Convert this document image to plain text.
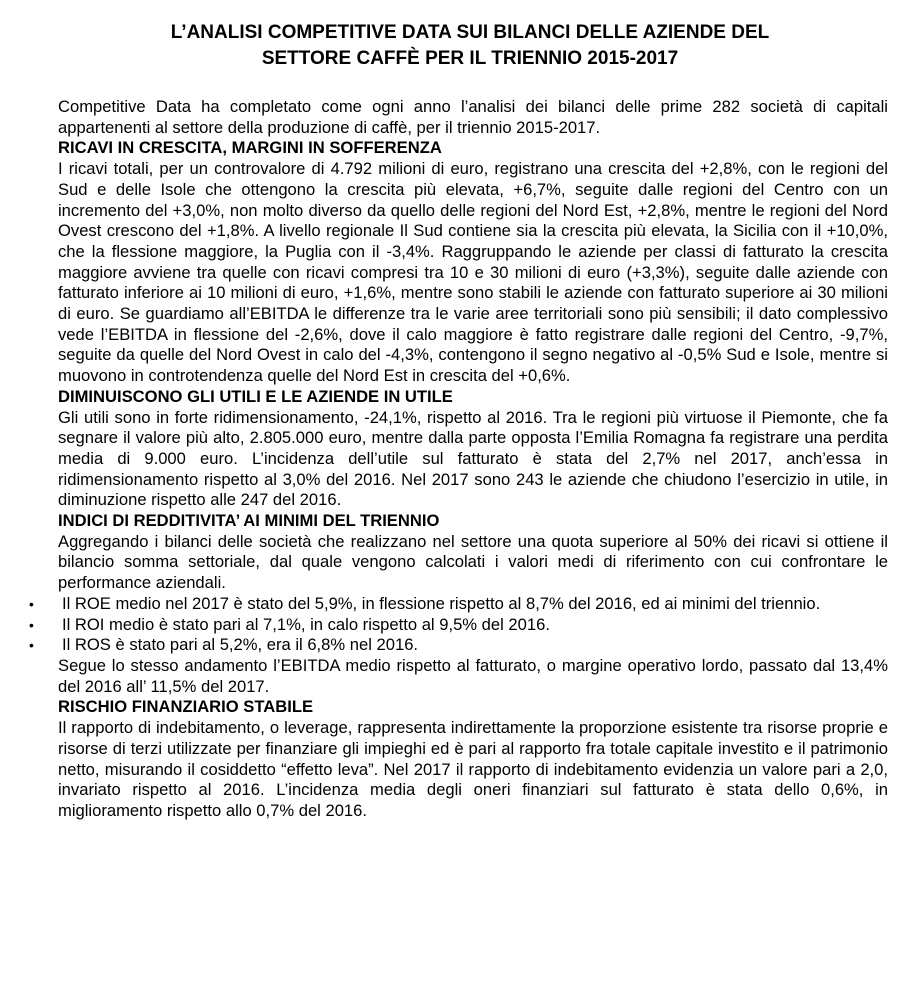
L’ANALISI COMPETITIVE DATA SUI BILANCI DELLE AZIENDE DEL
SETTORE CAFFÈ PER IL TRIENNIO 2015-2017

Competitive Data ha completato come ogni anno l’analisi dei bilanci delle prime 282 società di capitali appartenenti al settore della produzione di caffè, per il triennio 2015-2017.

RICAVI IN CRESCITA, MARGINI IN SOFFERENZA

I ricavi totali, per un controvalore di 4.792 milioni di euro, registrano una crescita del +2,8%, con le regioni del Sud e delle Isole che ottengono la crescita più elevata, +6,7%, seguite dalle regioni del Centro con un incremento del +3,0%, non molto diverso da quello delle regioni del Nord Est, +2,8%, mentre le regioni del Nord Ovest crescono del +1,8%. A livello regionale Il Sud contiene sia la crescita più elevata, la Sicilia con il +10,0%, che la flessione maggiore, la Puglia con il -3,4%. Raggruppando le aziende per classi di fatturato la crescita maggiore avviene tra quelle con ricavi compresi tra 10 e 30 milioni di euro (+3,3%), seguite dalle aziende con fatturato inferiore ai 10 milioni di euro, +1,6%, mentre sono stabili le aziende con fatturato superiore ai 30 milioni di euro. Se guardiamo all’EBITDA le differenze tra le varie aree territoriali sono più sensibili; il dato complessivo vede l’EBITDA in flessione del -2,6%, dove il calo maggiore è fatto registrare dalle regioni del Centro, -9,7%, seguite da quelle del Nord Ovest in calo del -4,3%, contengono il segno negativo al -0,5% Sud e Isole, mentre si muovono in controtendenza quelle del Nord Est in crescita del +0,6%.

DIMINUISCONO GLI UTILI E LE AZIENDE IN UTILE

Gli utili sono in forte ridimensionamento, -24,1%, rispetto al 2016. Tra le regioni più virtuose il Piemonte, che fa segnare il valore più alto, 2.805.000 euro, mentre dalla parte opposta l’Emilia Romagna fa registrare una perdita media di 9.000 euro. L’incidenza dell’utile sul fatturato è stata del 2,7% nel 2017, anch’essa in ridimensionamento rispetto al 3,0% del 2016. Nel 2017 sono 243 le aziende che chiudono l’esercizio in utile, in diminuzione rispetto alle 247 del 2016.

INDICI DI REDDITIVITA’ AI MINIMI DEL TRIENNIO

Aggregando i bilanci delle società che realizzano nel settore una quota superiore al 50% dei ricavi si ottiene il bilancio somma settoriale, dal quale vengono calcolati i valori medi di riferimento con cui confrontare le performance aziendali.

• Il ROE medio nel 2017 è stato del 5,9%, in flessione rispetto al 8,7% del 2016, ed ai minimi del triennio.
• Il ROI medio è stato pari al 7,1%, in calo rispetto al 9,5% del 2016.
• Il ROS è stato pari al 5,2%, era il 6,8% nel 2016.

Segue lo stesso andamento l’EBITDA medio rispetto al fatturato, o margine operativo lordo, passato dal 13,4% del 2016 all’ 11,5% del 2017.

RISCHIO FINANZIARIO STABILE

Il rapporto di indebitamento, o leverage, rappresenta indirettamente la proporzione esistente tra risorse proprie e risorse di terzi utilizzate per finanziare gli impieghi ed è pari al rapporto fra totale capitale investito e il patrimonio netto, misurando il cosiddetto “effetto leva”. Nel 2017 il rapporto di indebitamento evidenzia un valore pari a 2,0, invariato rispetto al 2016. L’incidenza media degli oneri finanziari sul fatturato è stata dello 0,6%, in miglioramento rispetto allo 0,7% del 2016.
